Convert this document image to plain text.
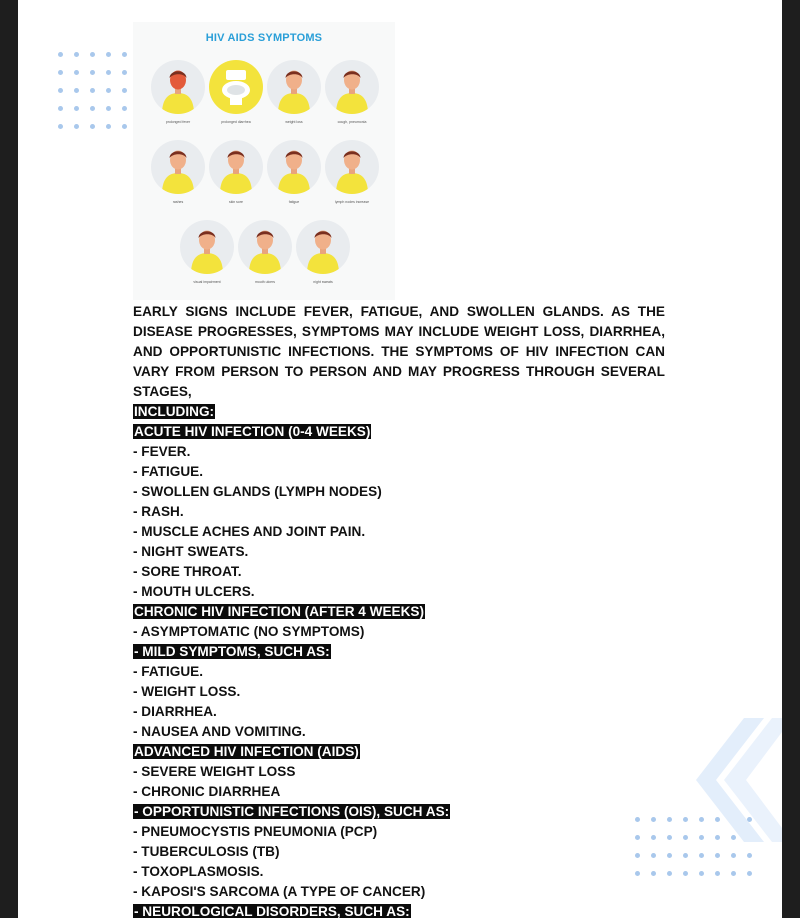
HIV AIDS SYMPTOMS
prolonged fever	prolonged diarrhea	weight loss	cough, pneumonia
rashes	skin sore	fatigue	lymph nodes increase
visual impairment	mouth ulcers	night sweats

EARLY SIGNS INCLUDE FEVER, FATIGUE, AND SWOLLEN GLANDS. AS THE DISEASE PROGRESSES, SYMPTOMS MAY INCLUDE WEIGHT LOSS, DIARRHEA, AND OPPORTUNISTIC INFECTIONS. THE SYMPTOMS OF HIV INFECTION CAN VARY FROM PERSON TO PERSON AND MAY PROGRESS THROUGH SEVERAL STAGES,

INCLUDING:
ACUTE HIV INFECTION (0-4 WEEKS)
- FEVER.
- FATIGUE.
- SWOLLEN GLANDS (LYMPH NODES)
- RASH.
- MUSCLE ACHES AND JOINT PAIN.
- NIGHT SWEATS.
- SORE THROAT.
- MOUTH ULCERS.
CHRONIC HIV INFECTION (AFTER 4 WEEKS)
- ASYMPTOMATIC (NO SYMPTOMS)
- MILD SYMPTOMS, SUCH AS:
- FATIGUE.
- WEIGHT LOSS.
- DIARRHEA.
- NAUSEA AND VOMITING.
ADVANCED HIV INFECTION (AIDS)
- SEVERE WEIGHT LOSS
- CHRONIC DIARRHEA
- OPPORTUNISTIC INFECTIONS (OIS), SUCH AS:
- PNEUMOCYSTIS PNEUMONIA (PCP)
- TUBERCULOSIS (TB)
- TOXOPLASMOSIS.
- KAPOSI'S SARCOMA (A TYPE OF CANCER)
- NEUROLOGICAL DISORDERS, SUCH AS:
